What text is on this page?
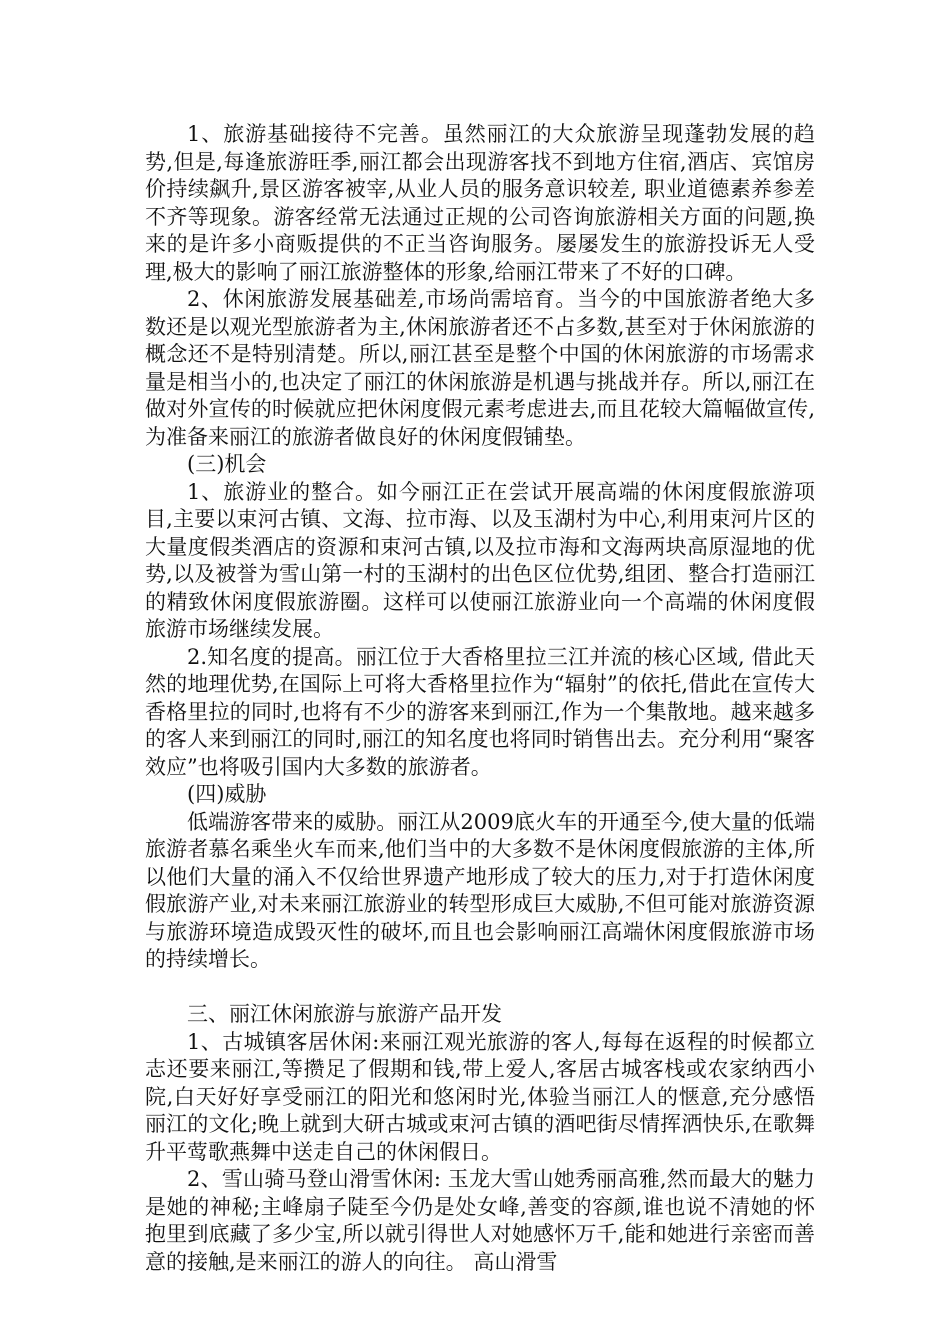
1、旅游基础接待不完善。虽然丽江的大众旅游呈现蓬勃发展的趋势,但是,每逢旅游旺季,丽江都会出现游客找不到地方住宿,酒店、宾馆房价持续飙升,景区游客被宰,从业人员的服务意识较差, 职业道德素养参差不齐等现象。游客经常无法通过正规的公司咨询旅游相关方面的问题,换来的是许多小商贩提供的不正当咨询服务。屡屡发生的旅游投诉无人受理,极大的影响了丽江旅游整体的形象,给丽江带来了不好的口碑。

2、休闲旅游发展基础差,市场尚需培育。当今的中国旅游者绝大多数还是以观光型旅游者为主,休闲旅游者还不占多数,甚至对于休闲旅游的概念还不是特别清楚。所以,丽江甚至是整个中国的休闲旅游的市场需求量是相当小的,也决定了丽江的休闲旅游是机遇与挑战并存。所以,丽江在做对外宣传的时候就应把休闲度假元素考虑进去,而且花较大篇幅做宣传,为准备来丽江的旅游者做良好的休闲度假铺垫。

(三)机会

1、旅游业的整合。如今丽江正在尝试开展高端的休闲度假旅游项目,主要以束河古镇、文海、拉市海、以及玉湖村为中心,利用束河片区的大量度假类酒店的资源和束河古镇,以及拉市海和文海两块高原湿地的优势,以及被誉为雪山第一村的玉湖村的出色区位优势,组团、整合打造丽江的精致休闲度假旅游圈。这样可以使丽江旅游业向一个高端的休闲度假旅游市场继续发展。

2.知名度的提高。丽江位于大香格里拉三江并流的核心区域, 借此天然的地理优势,在国际上可将大香格里拉作为“辐射”的依托,借此在宣传大香格里拉的同时,也将有不少的游客来到丽江,作为一个集散地。越来越多的客人来到丽江的同时,丽江的知名度也将同时销售出去。充分利用“聚客效应”也将吸引国内大多数的旅游者。

(四)威胁

低端游客带来的威胁。丽江从2009底火车的开通至今,使大量的低端旅游者慕名乘坐火车而来,他们当中的大多数不是休闲度假旅游的主体,所以他们大量的涌入不仅给世界遗产地形成了较大的压力,对于打造休闲度假旅游产业,对未来丽江旅游业的转型形成巨大威胁,不但可能对旅游资源与旅游环境造成毁灭性的破坏,而且也会影响丽江高端休闲度假旅游市场的持续增长。

三、丽江休闲旅游与旅游产品开发

1、古城镇客居休闲:来丽江观光旅游的客人,每每在返程的时候都立志还要来丽江,等攒足了假期和钱,带上爱人,客居古城客栈或农家纳西小院,白天好好享受丽江的阳光和悠闲时光,体验当丽江人的惬意,充分感悟丽江的文化;晚上就到大研古城或束河古镇的酒吧街尽情挥洒快乐,在歌舞升平莺歌燕舞中送走自己的休闲假日。

2、雪山骑马登山滑雪休闲: 玉龙大雪山她秀丽高雅,然而最大的魅力是她的神秘;主峰扇子陡至今仍是处女峰,善变的容颜,谁也说不清她的怀抱里到底藏了多少宝,所以就引得世人对她感怀万千,能和她进行亲密而善意的接触,是来丽江的游人的向往。 高山滑雪
